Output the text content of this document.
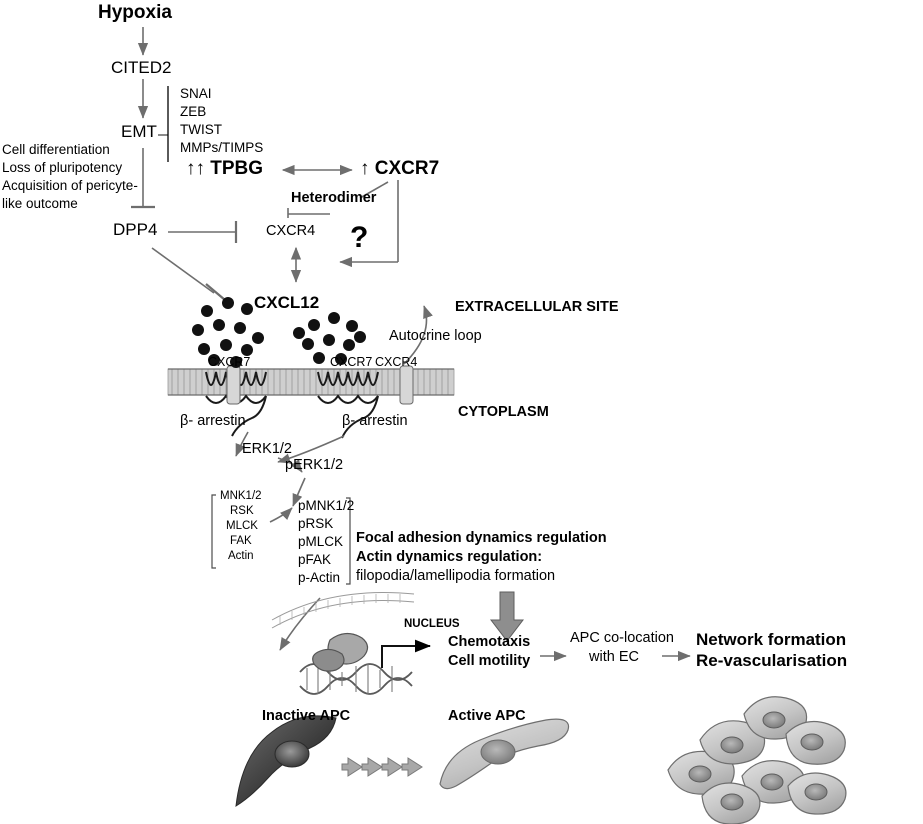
Hypoxia
CITED2
EMT
DPP4
SNAI
ZEB
TWIST
MMPs/TIMPS
Cell differentiation
Loss of pluripotency
Acquisition of pericyte-
like outcome
↑↑ TPBG	↑ CXCR7
Heterodimer
CXCR4 ?
CXCL12	EXTRACELLULAR SITE
Autocrine loop
CYTOPLASM
CXCR7	CXCR7 CXCR4
β- arrestin	β- arrestin
ERK1/2
pERK1/2
MNK1/2
RSK
MLCK
FAK
Actin
pMNK1/2
pRSK
pMLCK
pFAK
p-Actin
Focal adhesion dynamics regulation
Actin dynamics regulation:
filopodia/lamellipodia formation
NUCLEUS
Chemotaxis
Cell motility
APC co-location
with EC
Network formation
Re-vascularisation
Inactive APC	Active APC
